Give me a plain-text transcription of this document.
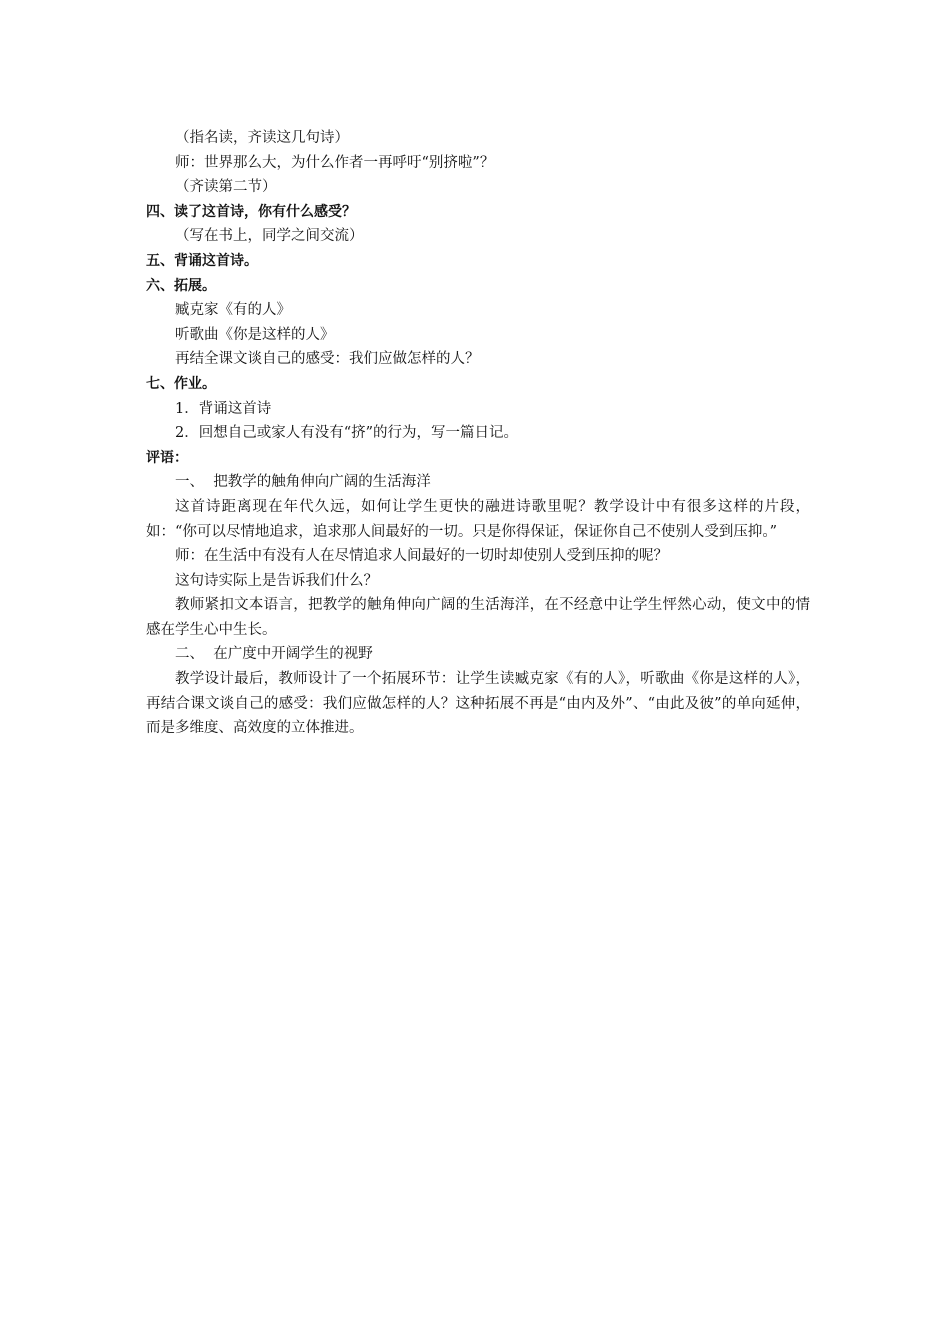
（指名读，齐读这几句诗）

师：世界那么大，为什么作者一再呼吁“别挤啦”？

（齐读第二节）

四、读了这首诗，你有什么感受？

（写在书上，同学之间交流）

五、背诵这首诗。

六、拓展。

臧克家《有的人》

听歌曲《你是这样的人》

再结全课文谈自己的感受：我们应做怎样的人？

七、作业。

1．背诵这首诗

2．回想自己或家人有没有“挤”的行为，写一篇日记。

评语：

一、  把教学的触角伸向广阔的生活海洋

这首诗距离现在年代久远，如何让学生更快的融进诗歌里呢？教学设计中有很多这样的片段，如：“你可以尽情地追求，追求那人间最好的一切。只是你得保证，保证你自己不使别人受到压抑。”

师：在生活中有没有人在尽情追求人间最好的一切时却使别人受到压抑的呢？

这句诗实际上是告诉我们什么？

教师紧扣文本语言，把教学的触角伸向广阔的生活海洋，在不经意中让学生怦然心动，使文中的情感在学生心中生长。

二、  在广度中开阔学生的视野

教学设计最后，教师设计了一个拓展环节：让学生读臧克家《有的人》，听歌曲《你是这样的人》，再结合课文谈自己的感受：我们应做怎样的人？这种拓展不再是“由内及外”、“由此及彼”的单向延伸，而是多维度、高效度的立体推进。
